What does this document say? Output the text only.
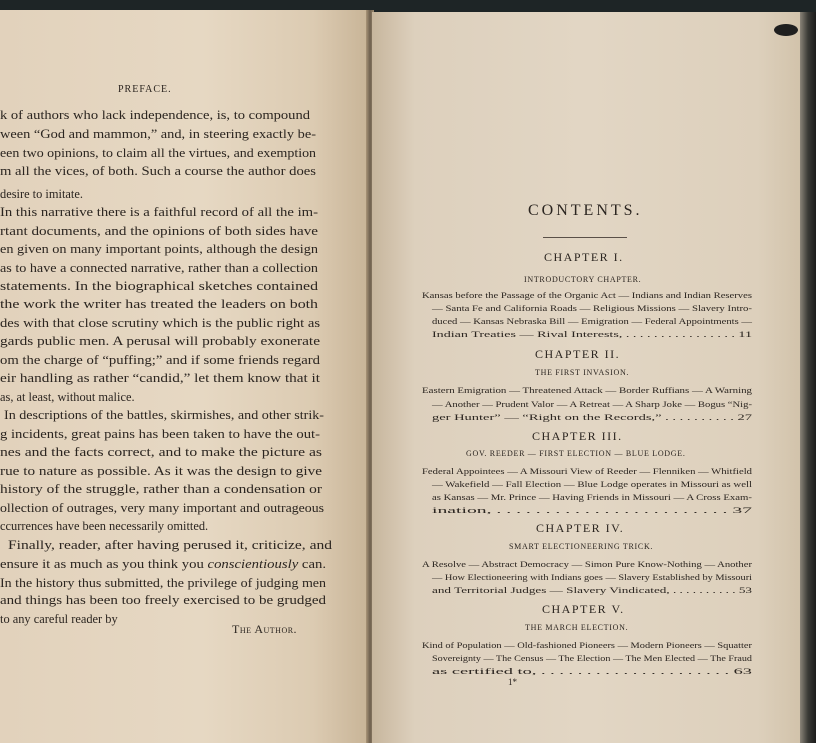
PREFACE.
k of authors who lack independence, is, to compound
ween “God and mammon,” and, in steering exactly be-
een two opinions, to claim all the virtues, and exemption
m all the vices, of both. Such a course the author does
desire to imitate.
In this narrative there is a faithful record of all the im-
rtant documents, and the opinions of both sides have
en given on many important points, although the design
as to have a connected narrative, rather than a collection
statements. In the biographical sketches contained
the work the writer has treated the leaders on both
des with that close scrutiny which is the public right as
gards public men. A perusal will probably exonerate
om the charge of “puffing;” and if some friends regard
eir handling as rather “candid,” let them know that it
as, at least, without malice.
In descriptions of the battles, skirmishes, and other strik-
g incidents, great pains has been taken to have the out-
nes and the facts correct, and to make the picture as
rue to nature as possible. As it was the design to give
history of the struggle, rather than a condensation or
ollection of outrages, very many important and outrageous
ccurrences have been necessarily omitted.
Finally, reader, after having perused it, criticize, and
ensure it as much as you think you conscientiously can.
In the history thus submitted, the privilege of judging men
and things has been too freely exercised to be grudged
to any careful reader by
The Author.
CONTENTS.
CHAPTER I.
INTRODUCTORY CHAPTER.
Kansas before the Passage of the Organic Act — Indians and Indian Reserves
— Santa Fe and California Roads — Religious Missions — Slavery Intro-
duced — Kansas Nebraska Bill — Emigration — Federal Appointments —
Indian Treaties — Rival Interests, . . . . . . . . . . . . . . . . 11
CHAPTER II.
THE FIRST INVASION.
Eastern Emigration — Threatened Attack — Border Ruffians — A Warning
— Another — Prudent Valor — A Retreat — A Sharp Joke — Bogus “Nig-
ger Hunter” — “Right on the Records,” . . . . . . . . . . 27
CHAPTER III.
GOV. REEDER — FIRST ELECTION — BLUE LODGE.
Federal Appointees — A Missouri View of Reeder — Flenniken — Whitfield
— Wakefield — Fall Election — Blue Lodge operates in Missouri as well
as Kansas — Mr. Prince — Having Friends in Missouri — A Cross Exam-
ination, . . . . . . . . . . . . . . . . . . . . . . . . 37
CHAPTER IV.
SMART ELECTIONEERING TRICK.
A Resolve — Abstract Democracy — Simon Pure Know-Nothing — Another
— How Electioneering with Indians goes — Slavery Established by Missouri
and Territorial Judges — Slavery Vindicated, . . . . . . . . . . 53
CHAPTER V.
THE MARCH ELECTION.
Kind of Population — Old-fashioned Pioneers — Modern Pioneers — Squatter
Sovereignty — The Census — The Election — The Men Elected — The Fraud
as certified to, . . . . . . . . . . . . . . . . . . . . . 63
1*
